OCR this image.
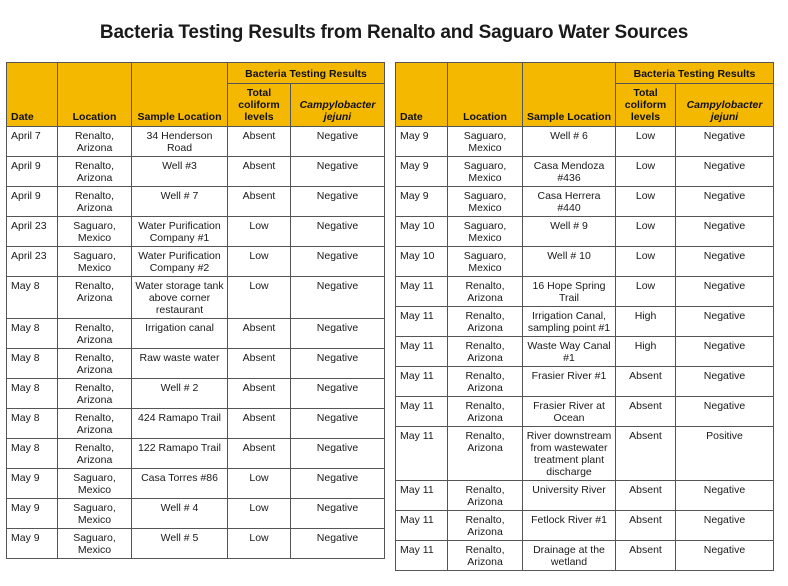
Bacteria Testing Results from Renalto and Saguaro Water Sources
Date	Location	Sample Location	Bacteria Testing Results	
			Total coliform levels	Campylobacter jejuni
April 7	Renalto, Arizona	34 Henderson Road	Absent	Negative
April 9	Renalto, Arizona	Well #3	Absent	Negative
April 9	Renalto, Arizona	Well # 7	Absent	Negative
April 23	Saguaro, Mexico	Water Purification Company #1	Low	Negative
April 23	Saguaro, Mexico	Water Purification Company #2	Low	Negative
May 8	Renalto, Arizona	Water storage tank above corner restaurant	Low	Negative
May 8	Renalto, Arizona	Irrigation canal	Absent	Negative
May 8	Renalto, Arizona	Raw waste water	Absent	Negative
May 8	Renalto, Arizona	Well # 2	Absent	Negative
May 8	Renalto, Arizona	424 Ramapo Trail	Absent	Negative
May 8	Renalto, Arizona	122 Ramapo Trail	Absent	Negative
May 9	Saguaro, Mexico	Casa Torres #86	Low	Negative
May 9	Saguaro, Mexico	Well # 4	Low	Negative
May 9	Saguaro, Mexico	Well # 5	Low	Negative
Date	Location	Sample Location	Bacteria Testing Results	
			Total coliform levels	Campylobacter jejuni
May 9	Saguaro, Mexico	Well # 6	Low	Negative
May 9	Saguaro, Mexico	Casa Mendoza #436	Low	Negative
May 9	Saguaro, Mexico	Casa Herrera #440	Low	Negative
May 10	Saguaro, Mexico	Well # 9	Low	Negative
May 10	Saguaro, Mexico	Well # 10	Low	Negative
May 11	Renalto, Arizona	16 Hope Spring Trail	Low	Negative
May 11	Renalto, Arizona	Irrigation Canal, sampling point #1	High	Negative
May 11	Renalto, Arizona	Waste Way Canal #1	High	Negative
May 11	Renalto, Arizona	Frasier River #1	Absent	Negative
May 11	Renalto, Arizona	Frasier River at Ocean	Absent	Negative
May 11	Renalto, Arizona	River downstream from wastewater treatment plant discharge	Absent	Positive
May 11	Renalto, Arizona	University River	Absent	Negative
May 11	Renalto, Arizona	Fetlock River #1	Absent	Negative
May 11	Renalto, Arizona	Drainage at the wetland	Absent	Negative
